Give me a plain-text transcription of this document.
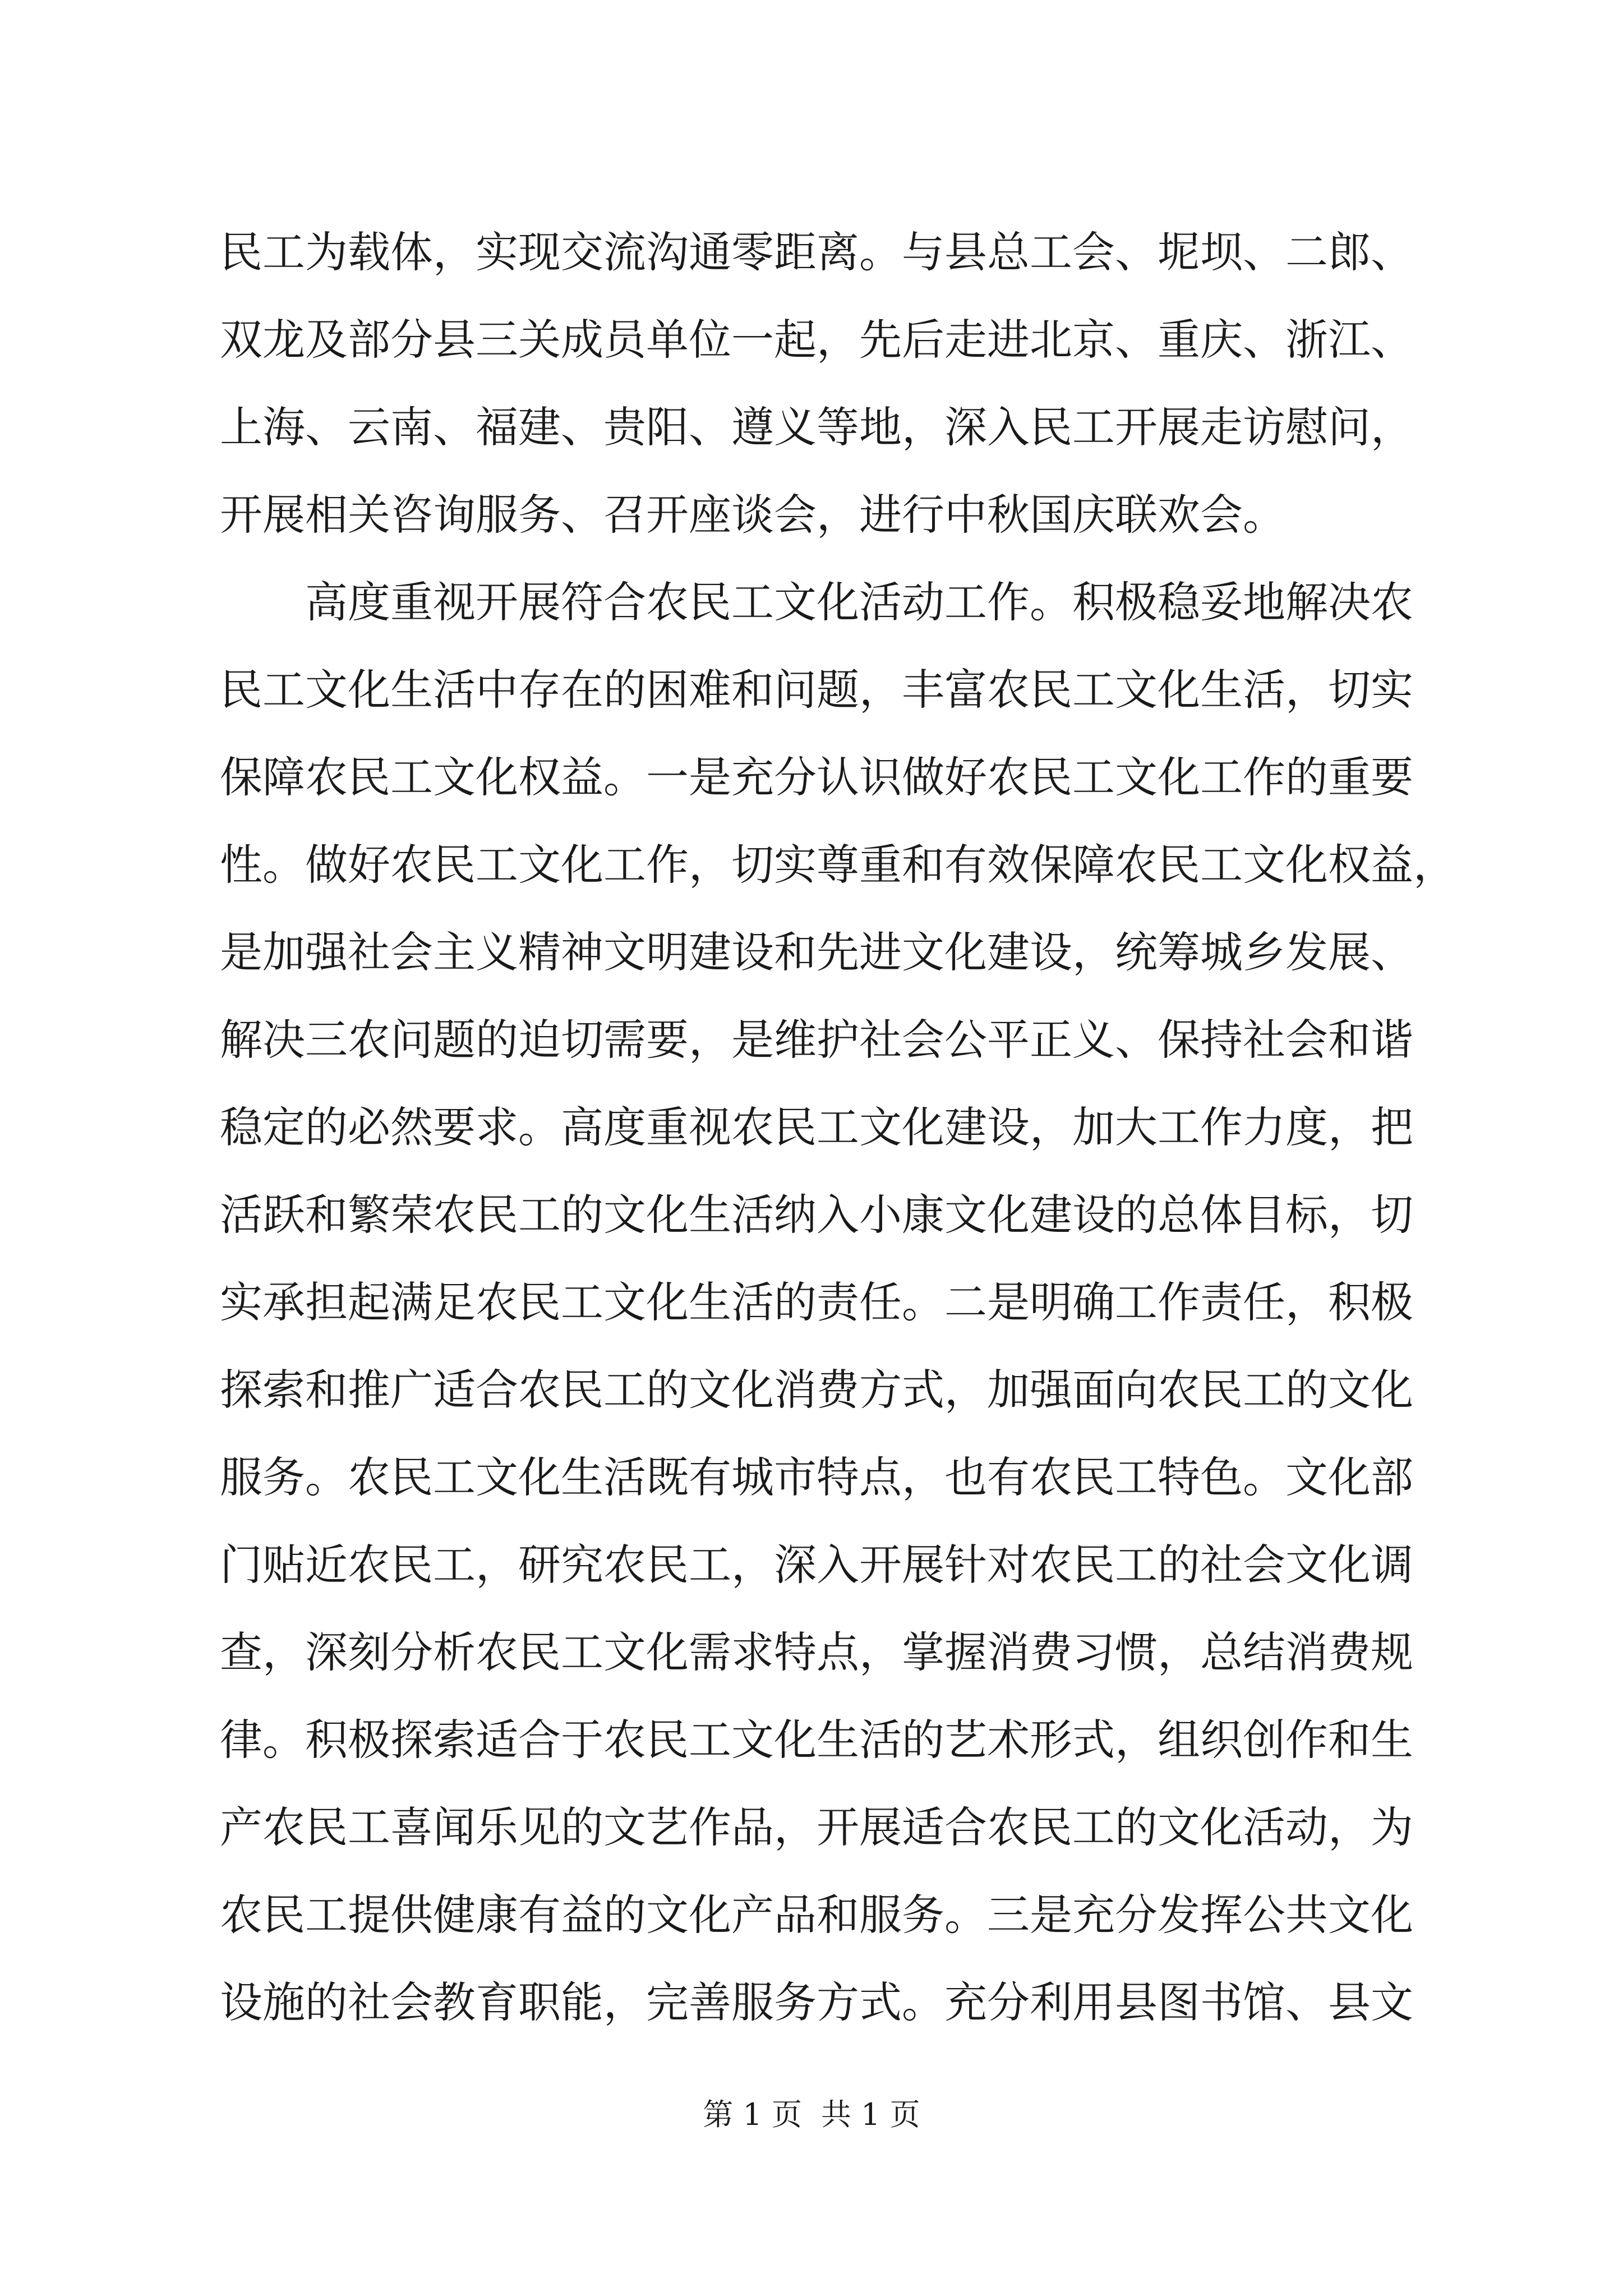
民工为载体，实现交流沟通零距离。与县总工会、坭坝、二郎、
双龙及部分县三关成员单位一起，先后走进北京、重庆、浙江、
上海、云南、福建、贵阳、遵义等地，深入民工开展走访慰问，
开展相关咨询服务、召开座谈会，进行中秋国庆联欢会。
高度重视开展符合农民工文化活动工作。积极稳妥地解决农
民工文化生活中存在的困难和问题，丰富农民工文化生活，切实
保障农民工文化权益。一是充分认识做好农民工文化工作的重要
性。做好农民工文化工作，切实尊重和有效保障农民工文化权益，
是加强社会主义精神文明建设和先进文化建设，统筹城乡发展、
解决三农问题的迫切需要，是维护社会公平正义、保持社会和谐
稳定的必然要求。高度重视农民工文化建设，加大工作力度，把
活跃和繁荣农民工的文化生活纳入小康文化建设的总体目标，切
实承担起满足农民工文化生活的责任。二是明确工作责任，积极
探索和推广适合农民工的文化消费方式，加强面向农民工的文化
服务。农民工文化生活既有城市特点，也有农民工特色。文化部
门贴近农民工，研究农民工，深入开展针对农民工的社会文化调
查，深刻分析农民工文化需求特点，掌握消费习惯，总结消费规
律。积极探索适合于农民工文化生活的艺术形式，组织创作和生
产农民工喜闻乐见的文艺作品，开展适合农民工的文化活动，为
农民工提供健康有益的文化产品和服务。三是充分发挥公共文化
设施的社会教育职能，完善服务方式。充分利用县图书馆、县文
第 1 页 共 1 页
